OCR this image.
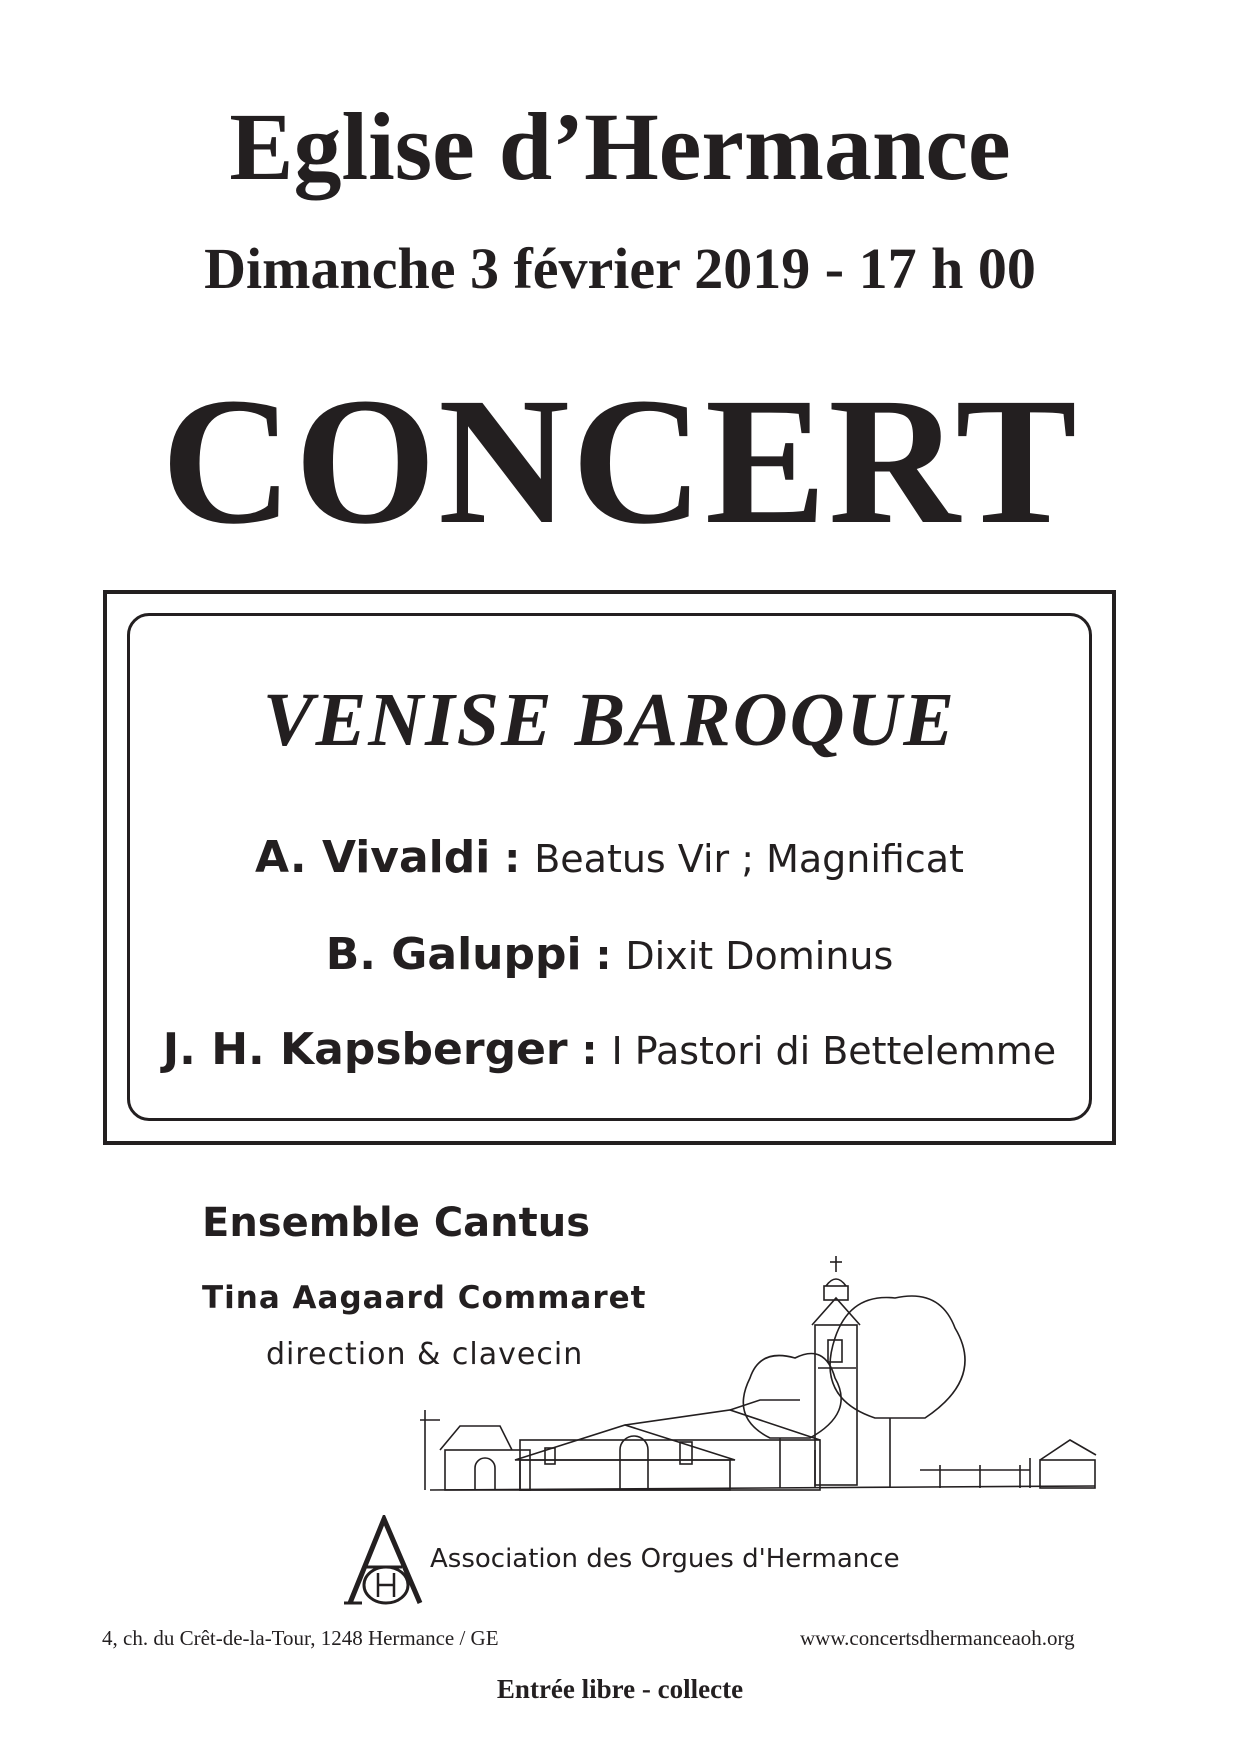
Eglise d’Hermance
Dimanche 3 février 2019 - 17 h 00
CONCERT
VENISE BAROQUE
A. Vivaldi : Beatus Vir ; Magnificat
B. Galuppi : Dixit Dominus
J. H. Kapsberger : I Pastori di Bettelemme
Ensemble Cantus
Tina Aagaard Commaret
direction & clavecin
Association des Orgues d'Hermance
4, ch. du Crêt-de-la-Tour, 1248 Hermance / GE	www.concertsdhermanceaoh.org
Entrée libre - collecte
